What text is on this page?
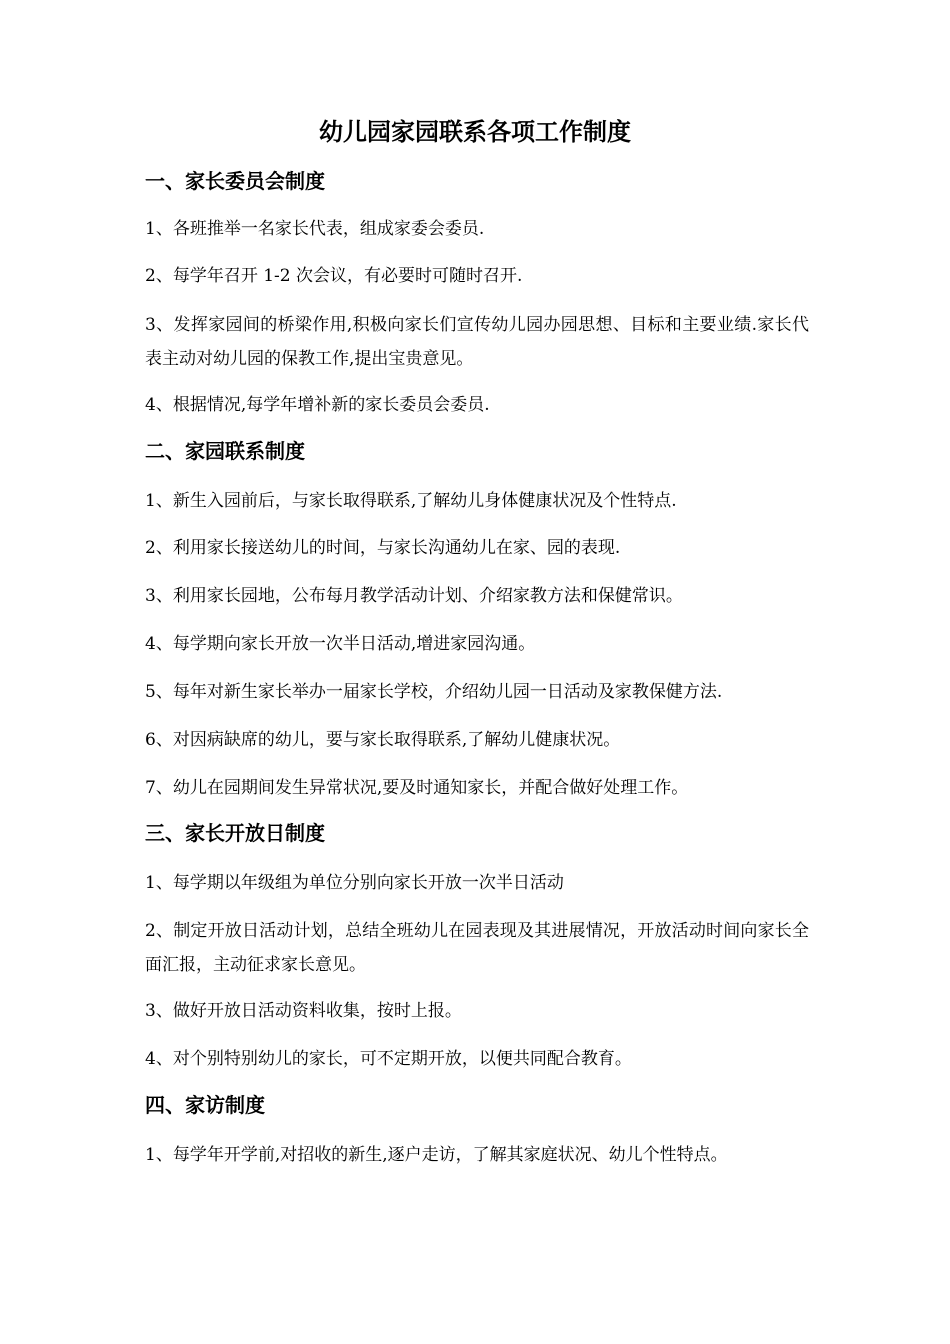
幼儿园家园联系各项工作制度
一、家长委员会制度

1、各班推举一名家长代表，组成家委会委员.

2、每学年召开 1-2 次会议，有必要时可随时召开.

3、发挥家园间的桥梁作用,积极向家长们宣传幼儿园办园思想、目标和主要业绩.家长代表主动对幼儿园的保教工作,提出宝贵意见。

4、根据情况,每学年增补新的家长委员会委员.

二、家园联系制度

1、新生入园前后，与家长取得联系,了解幼儿身体健康状况及个性特点.

2、利用家长接送幼儿的时间，与家长沟通幼儿在家、园的表现.

3、利用家长园地，公布每月教学活动计划、介绍家教方法和保健常识。

4、每学期向家长开放一次半日活动,增进家园沟通。

5、每年对新生家长举办一届家长学校，介绍幼儿园一日活动及家教保健方法.

6、对因病缺席的幼儿，要与家长取得联系,了解幼儿健康状况。

7、幼儿在园期间发生异常状况,要及时通知家长，并配合做好处理工作。

三、家长开放日制度

1、每学期以年级组为单位分别向家长开放一次半日活动

2、制定开放日活动计划，总结全班幼儿在园表现及其进展情况，开放活动时间向家长全面汇报，主动征求家长意见。

3、做好开放日活动资料收集，按时上报。

4、对个别特别幼儿的家长，可不定期开放，以便共同配合教育。

四、家访制度

1、每学年开学前,对招收的新生,逐户走访，了解其家庭状况、幼儿个性特点。
